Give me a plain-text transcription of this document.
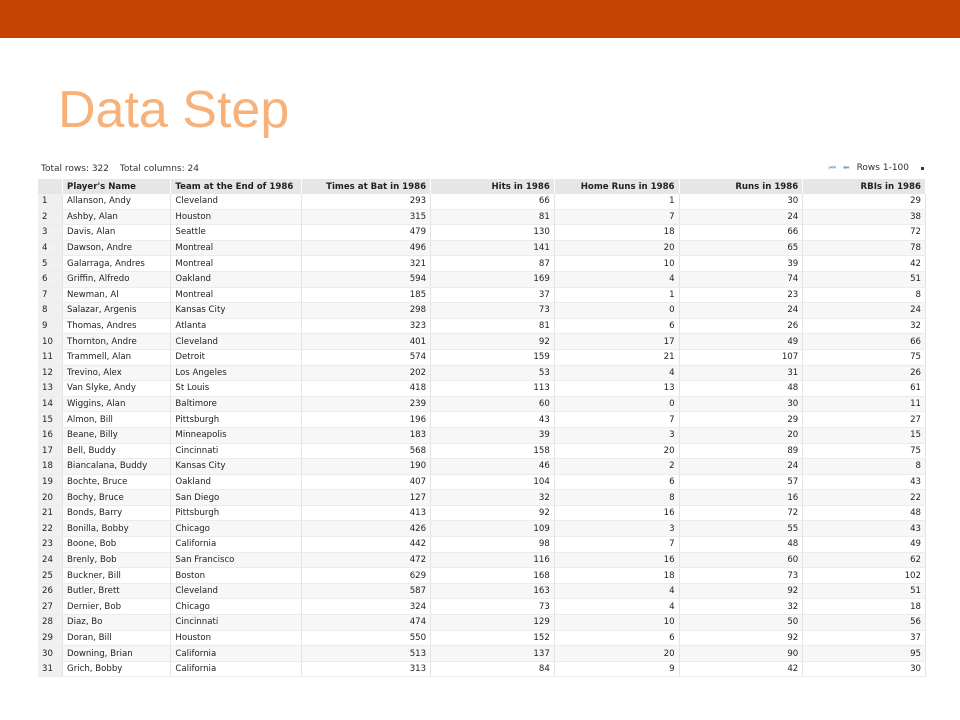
Data Step
Total rows: 322 Total columns: 24	⏮ ⬅ Rows 1-100
	Player's Name	Team at the End of 1986	Times at Bat in 1986	Hits in 1986	Home Runs in 1986	Runs in 1986	RBIs in 1986
1	Allanson, Andy	Cleveland	293	66	1	30	29
2	Ashby, Alan	Houston	315	81	7	24	38
3	Davis, Alan	Seattle	479	130	18	66	72
4	Dawson, Andre	Montreal	496	141	20	65	78
5	Galarraga, Andres	Montreal	321	87	10	39	42
6	Griffin, Alfredo	Oakland	594	169	4	74	51
7	Newman, Al	Montreal	185	37	1	23	8
8	Salazar, Argenis	Kansas City	298	73	0	24	24
9	Thomas, Andres	Atlanta	323	81	6	26	32
10	Thornton, Andre	Cleveland	401	92	17	49	66
11	Trammell, Alan	Detroit	574	159	21	107	75
12	Trevino, Alex	Los Angeles	202	53	4	31	26
13	Van Slyke, Andy	St Louis	418	113	13	48	61
14	Wiggins, Alan	Baltimore	239	60	0	30	11
15	Almon, Bill	Pittsburgh	196	43	7	29	27
16	Beane, Billy	Minneapolis	183	39	3	20	15
17	Bell, Buddy	Cincinnati	568	158	20	89	75
18	Biancalana, Buddy	Kansas City	190	46	2	24	8
19	Bochte, Bruce	Oakland	407	104	6	57	43
20	Bochy, Bruce	San Diego	127	32	8	16	22
21	Bonds, Barry	Pittsburgh	413	92	16	72	48
22	Bonilla, Bobby	Chicago	426	109	3	55	43
23	Boone, Bob	California	442	98	7	48	49
24	Brenly, Bob	San Francisco	472	116	16	60	62
25	Buckner, Bill	Boston	629	168	18	73	102
26	Butler, Brett	Cleveland	587	163	4	92	51
27	Dernier, Bob	Chicago	324	73	4	32	18
28	Diaz, Bo	Cincinnati	474	129	10	50	56
29	Doran, Bill	Houston	550	152	6	92	37
30	Downing, Brian	California	513	137	20	90	95
31	Grich, Bobby	California	313	84	9	42	30
